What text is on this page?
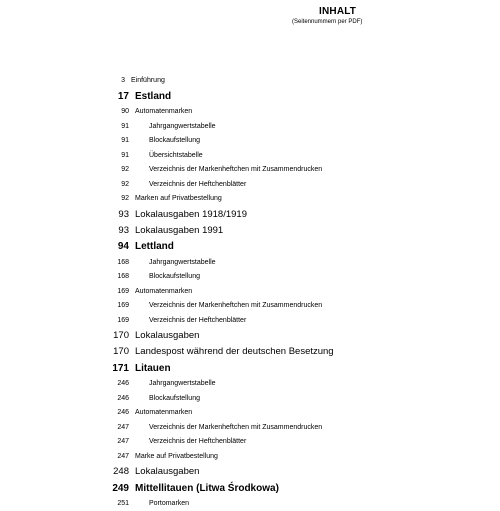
INHALT
(Seitennummern per PDF)
3 Einführung
17 Estland
90 Automatenmarken
91	Jahrgangwertstabelle
91	Blockaufstellung
91	Übersichtstabelle
92	Verzeichnis der Markenheftchen mit Zusammendrucken
92	Verzeichnis der Heftchenblätter
92 Marken auf Privatbestellung
93 Lokalausgaben 1918/1919
93 Lokalausgaben 1991
94 Lettland
168	Jahrgangwertstabelle
168	Blockaufstellung
169 Automatenmarken
169	Verzeichnis der Markenheftchen mit Zusammendrucken
169	Verzeichnis der Heftchenblätter
170 Lokalausgaben
170 Landespost während der deutschen Besetzung
171 Litauen
246	Jahrgangwertstabelle
246	Blockaufstellung
246 Automatenmarken
247	Verzeichnis der Markenheftchen mit Zusammendrucken
247	Verzeichnis der Heftchenblätter
247 Marke auf Privatbestellung
248 Lokalausgaben
249 Mittellitauen (Litwa Środkowa)
251	Portomarken
